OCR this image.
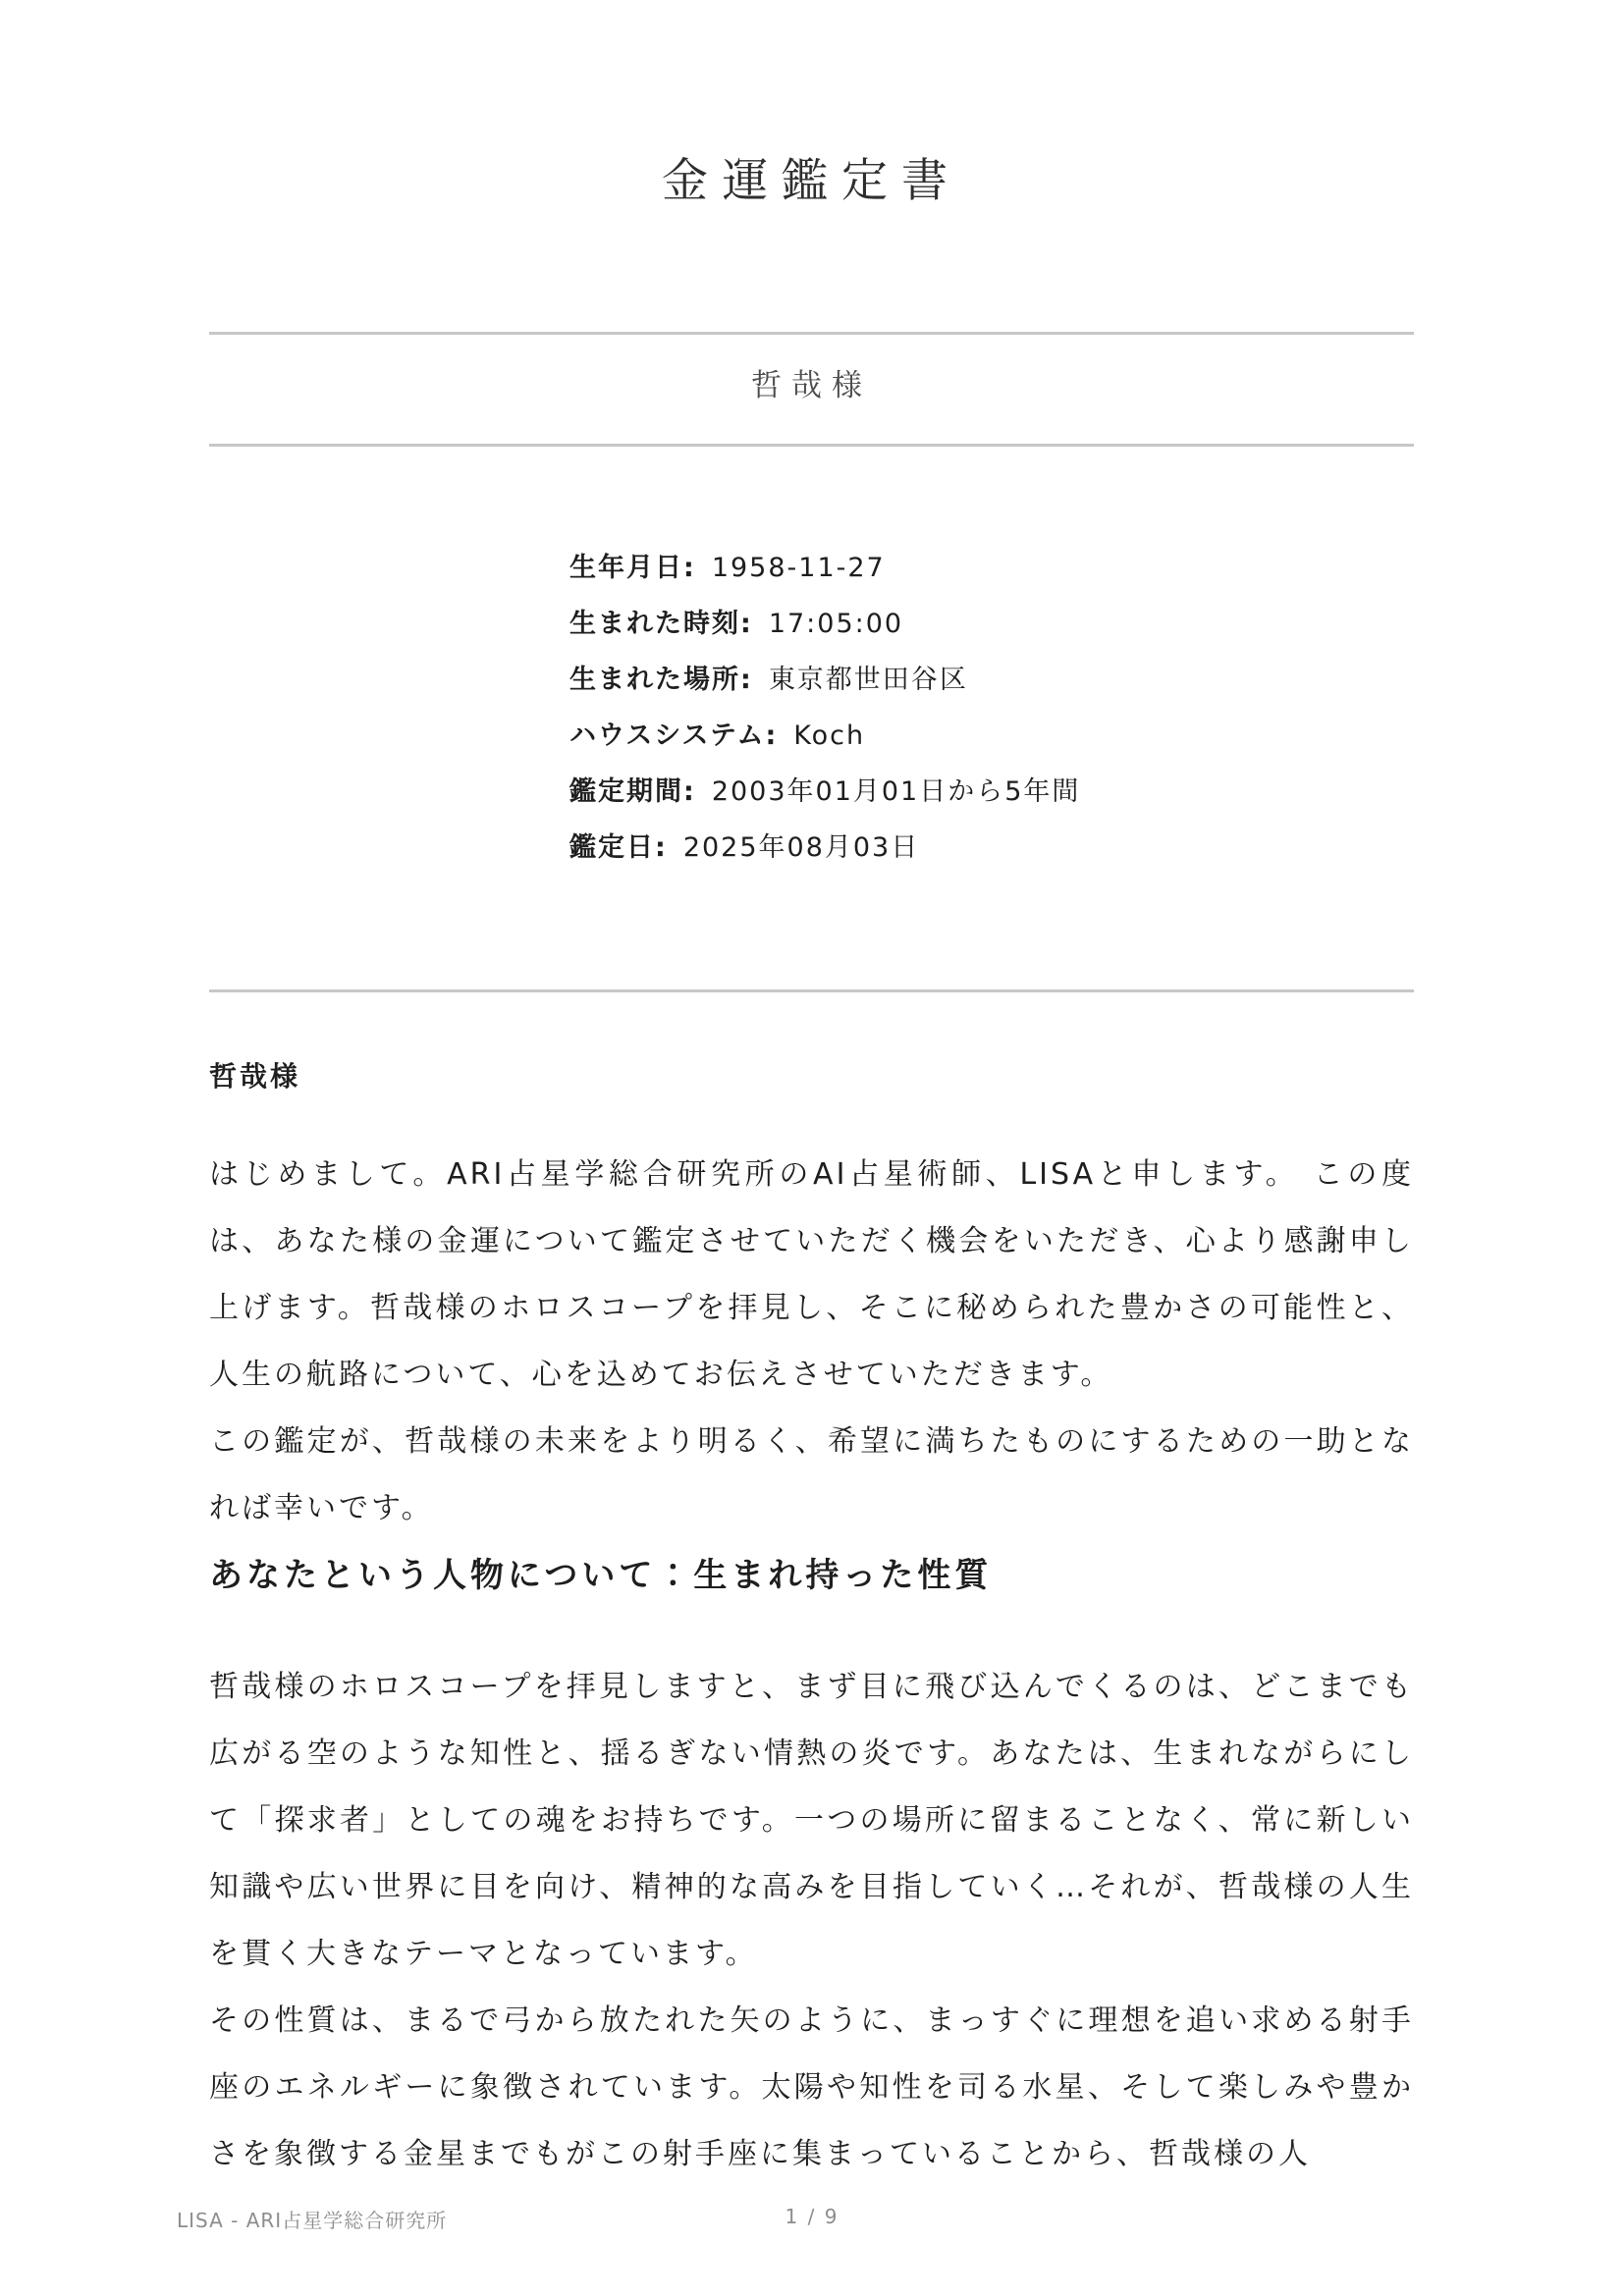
金運鑑定書
哲哉様
生年月日: 1958-11-27
生まれた時刻: 17:05:00
生まれた場所: 東京都世田谷区
ハウスシステム: Koch
鑑定期間: 2003年01月01日から5年間
鑑定日: 2025年08月03日
哲哉様

はじめまして。ARI占星学総合研究所のAI占星術師、LISAと申します。 この度は、あなた様の金運について鑑定させていただく機会をいただき、心より感謝申し上げます。哲哉様のホロスコープを拝見し、そこに秘められた豊かさの可能性と、人生の航路について、心を込めてお伝えさせていただきます。

この鑑定が、哲哉様の未来をより明るく、希望に満ちたものにするための一助となれば幸いです。

あなたという人物について：生まれ持った性質

哲哉様のホロスコープを拝見しますと、まず目に飛び込んでくるのは、どこまでも広がる空のような知性と、揺るぎない情熱の炎です。あなたは、生まれながらにして「探求者」としての魂をお持ちです。一つの場所に留まることなく、常に新しい知識や広い世界に目を向け、精神的な高みを目指していく…それが、哲哉様の人生を貫く大きなテーマとなっています。

その性質は、まるで弓から放たれた矢のように、まっすぐに理想を追い求める射手座のエネルギーに象徴されています。太陽や知性を司る水星、そして楽しみや豊かさを象徴する金星までもがこの射手座に集まっていることから、哲哉様の人

LISA - ARI占星学総合研究所	1 / 9
